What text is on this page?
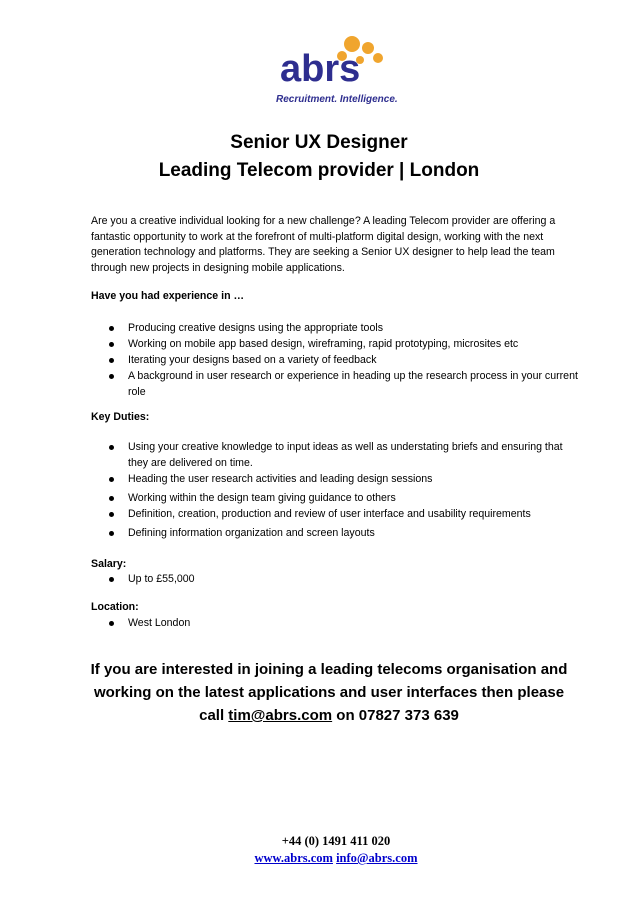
abrs
Recruitment. Intelligence.
Senior UX Designer
Leading Telecom provider | London
Are you a creative individual looking for a new challenge? A leading Telecom provider are offering a fantastic opportunity to work at the forefront of multi-platform digital design, working with the next generation technology and platforms. They are seeking a Senior UX designer to help lead the team through new projects in designing mobile applications.
Have you had experience in …
Producing creative designs using the appropriate tools
Working on mobile app based design, wireframing, rapid prototyping, microsites etc
Iterating your designs based on a variety of feedback
A background in user research or experience in heading up the research process in your current role
Key Duties:
Using your creative knowledge to input ideas as well as understating briefs and ensuring that they are delivered on time.
Heading the user research activities and leading design sessions
Working within the design team giving guidance to others
Definition, creation, production and review of user interface and usability requirements
Defining information organization and screen layouts
Salary:
Up to £55,000
Location:
West London
If you are interested in joining a leading telecoms organisation and working on the latest applications and user interfaces then please call tim@abrs.com on 07827 373 639
+44 (0) 1491 411 020
www.abrs.com info@abrs.com
